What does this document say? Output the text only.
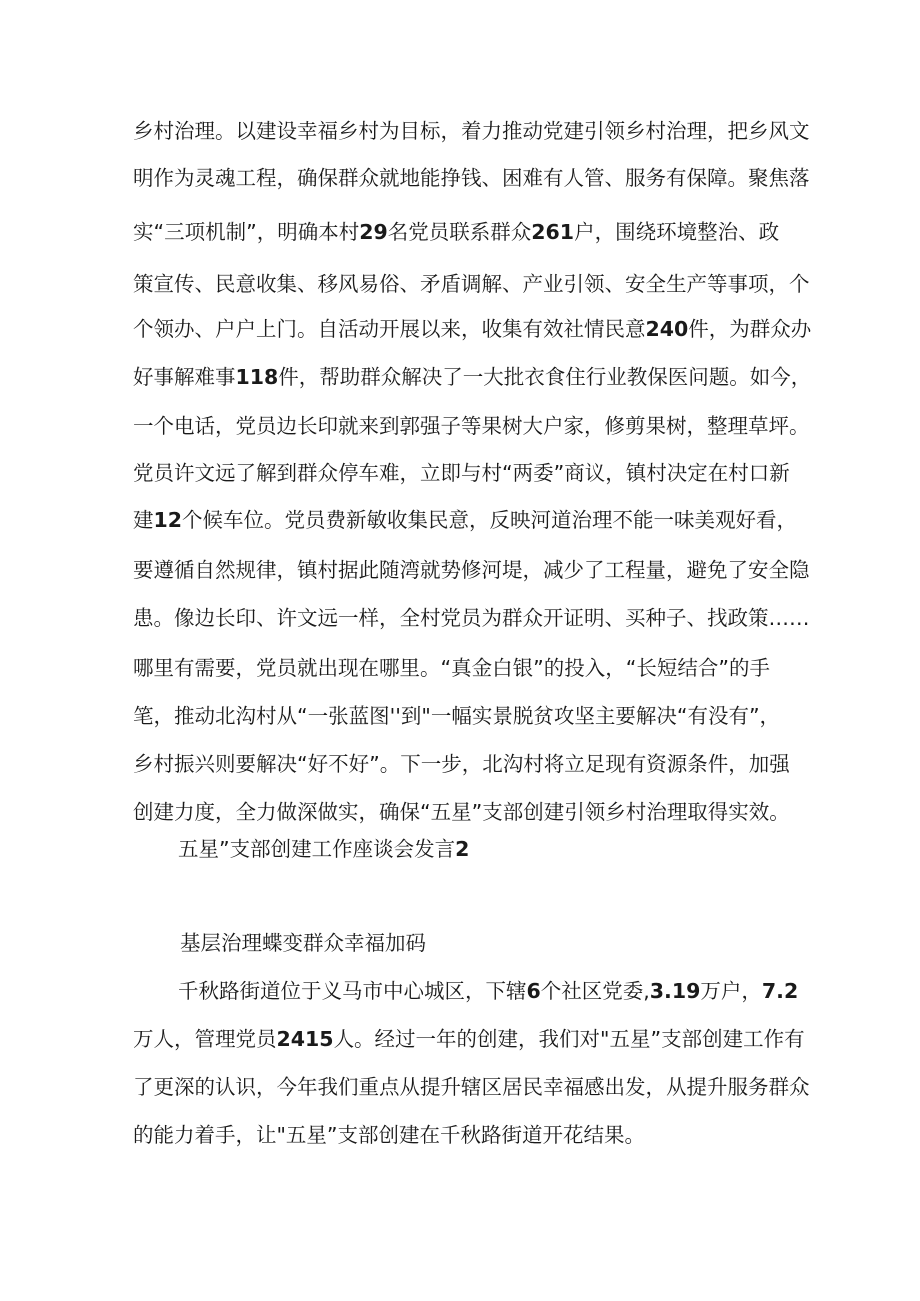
乡村治理。以建设幸福乡村为目标，着力推动党建引领乡村治理，把乡风文
明作为灵魂工程，确保群众就地能挣钱、困难有人管、服务有保障。聚焦落
实“三项机制”，明确本村29名党员联系群众261户，围绕环境整治、政
策宣传、民意收集、移风易俗、矛盾调解、产业引领、安全生产等事项，个
个领办、户户上门。自活动开展以来，收集有效社情民意240件，为群众办
好事解难事118件，帮助群众解决了一大批衣食住行业教保医问题。如今，
一个电话，党员边长印就来到郭强子等果树大户家，修剪果树，整理草坪。
党员许文远了解到群众停车难，立即与村“两委”商议，镇村决定在村口新
建12个候车位。党员费新敏收集民意，反映河道治理不能一味美观好看，
要遵循自然规律，镇村据此随湾就势修河堤，减少了工程量，避免了安全隐
患。像边长印、许文远一样，全村党员为群众开证明、买种子、找政策……
哪里有需要，党员就出现在哪里。“真金白银”的投入，“长短结合”的手
笔，推动北沟村从“一张蓝图''到"一幅实景脱贫攻坚主要解决“有没有”，
乡村振兴则要解决“好不好”。下一步，北沟村将立足现有资源条件，加强
创建力度，全力做深做实，确保“五星”支部创建引领乡村治理取得实效。
五星”支部创建工作座谈会发言2
基层治理蝶变群众幸福加码
千秋路街道位于义马市中心城区，下辖6个社区党委,3.19万户，7.2
万人，管理党员2415人。经过一年的创建，我们对"五星”支部创建工作有
了更深的认识，今年我们重点从提升辖区居民幸福感出发，从提升服务群众
的能力着手，让"五星”支部创建在千秋路街道开花结果。
